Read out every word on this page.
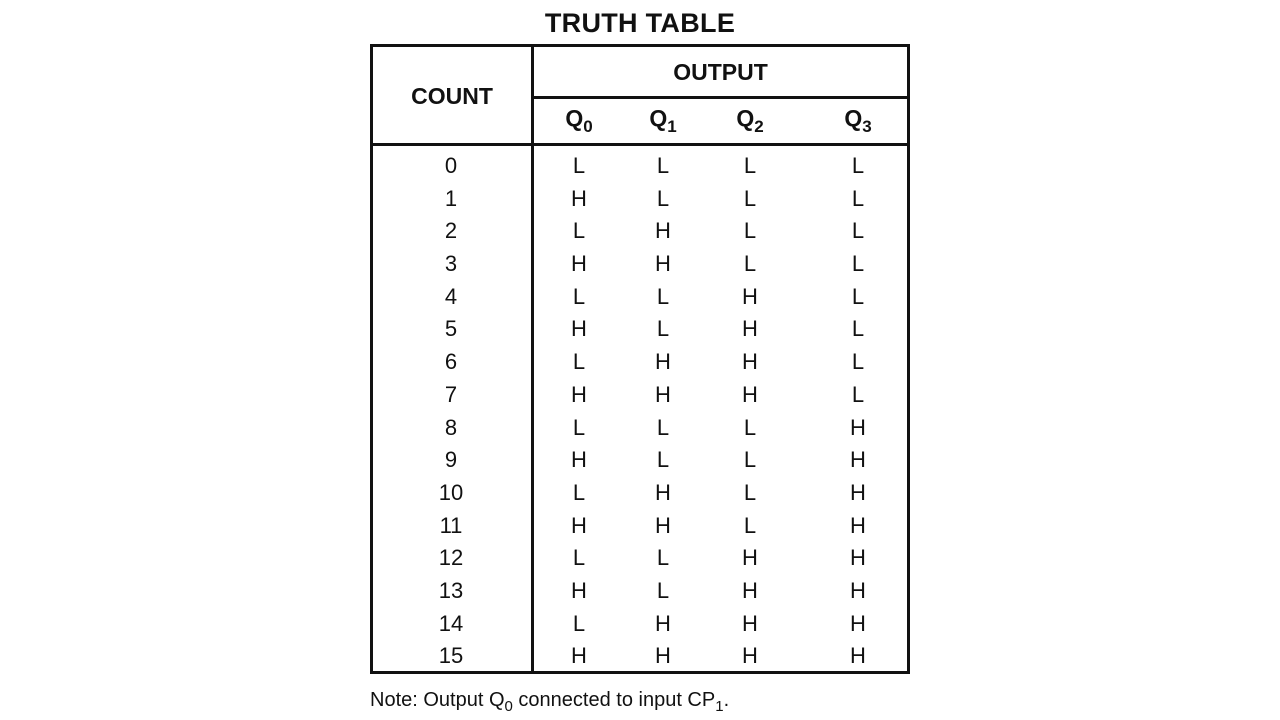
TRUTH TABLE
COUNT
OUTPUT
$Q_0$	$Q_1$	$Q_2$	$Q_3$
0	L	L	L	L
1	H	L	L	L
2	L	H	L	L
3	H	H	L	L
4	L	L	H	L
5	H	L	H	L
6	L	H	H	L
7	H	H	H	L
8	L	L	L	H
9	H	L	L	H
10	L	H	L	H
11	H	H	L	H
12	L	L	H	H
13	H	L	H	H
14	L	H	H	H
15	H	H	H	H
Note: Output $Q_0$ connected to input $CP_1$.
